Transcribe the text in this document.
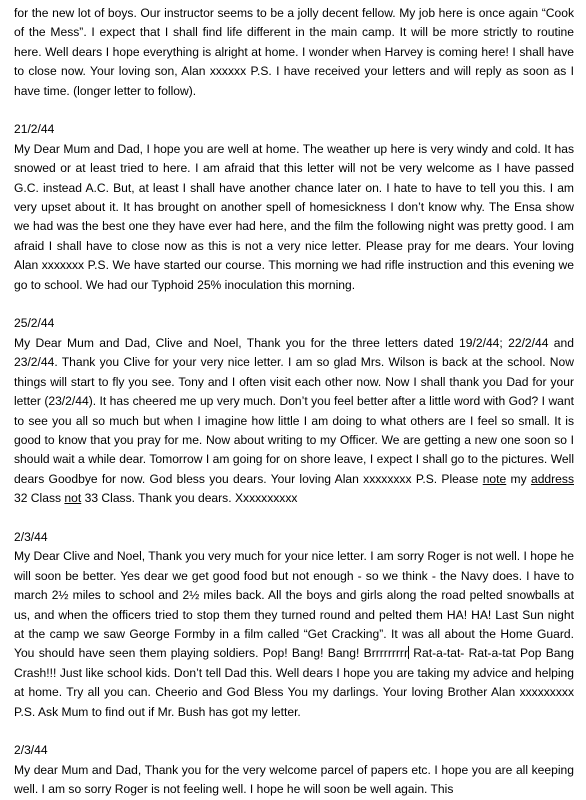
for the new lot of boys. Our instructor seems to be a jolly decent fellow. My job here is once again “Cook of the Mess”. I expect that I shall find life different in the main camp. It will be more strictly to routine here. Well dears I hope everything is alright at home. I wonder when Harvey is coming here! I shall have to close now. Your loving son, Alan xxxxxx P.S. I have received your letters and will reply as soon as I have time. (longer letter to follow).

21/2/44

My Dear Mum and Dad, I hope you are well at home. The weather up here is very windy and cold. It has snowed or at least tried to here. I am afraid that this letter will not be very welcome as I have passed G.C. instead A.C. But, at least I shall have another chance later on. I hate to have to tell you this. I am very upset about it. It has brought on another spell of homesickness I don’t know why. The Ensa show we had was the best one they have ever had here, and the film the following night was pretty good. I am afraid I shall have to close now as this is not a very nice letter. Please pray for me dears. Your loving Alan xxxxxxx P.S. We have started our course. This morning we had rifle instruction and this evening we go to school. We had our Typhoid 25% inoculation this morning.

25/2/44

My Dear Mum and Dad, Clive and Noel, Thank you for the three letters dated 19/2/44; 22/2/44 and 23/2/44. Thank you Clive for your very nice letter. I am so glad Mrs. Wilson is back at the school. Now things will start to fly you see. Tony and I often visit each other now. Now I shall thank you Dad for your letter (23/2/44). It has cheered me up very much. Don’t you feel better after a little word with God? I want to see you all so much but when I imagine how little I am doing to what others are I feel so small. It is good to know that you pray for me. Now about writing to my Officer. We are getting a new one soon so I should wait a while dear. Tomorrow I am going for on shore leave, I expect I shall go to the pictures. Well dears Goodbye for now. God bless you dears. Your loving Alan xxxxxxxx P.S. Please note my address 32 Class not 33 Class. Thank you dears. Xxxxxxxxxx

2/3/44

My Dear Clive and Noel, Thank you very much for your nice letter. I am sorry Roger is not well. I hope he will soon be better. Yes dear we get good food but not enough - so we think - the Navy does. I have to march 2½ miles to school and 2½ miles back. All the boys and girls along the road pelted snowballs at us, and when the officers tried to stop them they turned round and pelted them HA! HA! Last Sun night at the camp we saw George Formby in a film called “Get Cracking”. It was all about the Home Guard. You should have seen them playing soldiers. Pop! Bang! Bang! Brrrrrrrrr Rat-a-tat- Rat-a-tat Pop Bang Crash!!! Just like school kids. Don’t tell Dad this. Well dears I hope you are taking my advice and helping at home. Try all you can. Cheerio and God Bless You my darlings. Your loving Brother Alan xxxxxxxxx P.S. Ask Mum to find out if Mr. Bush has got my letter.

2/3/44

My dear Mum and Dad, Thank you for the very welcome parcel of papers etc. I hope you are all keeping well. I am so sorry Roger is not feeling well. I hope he will soon be well again. This
